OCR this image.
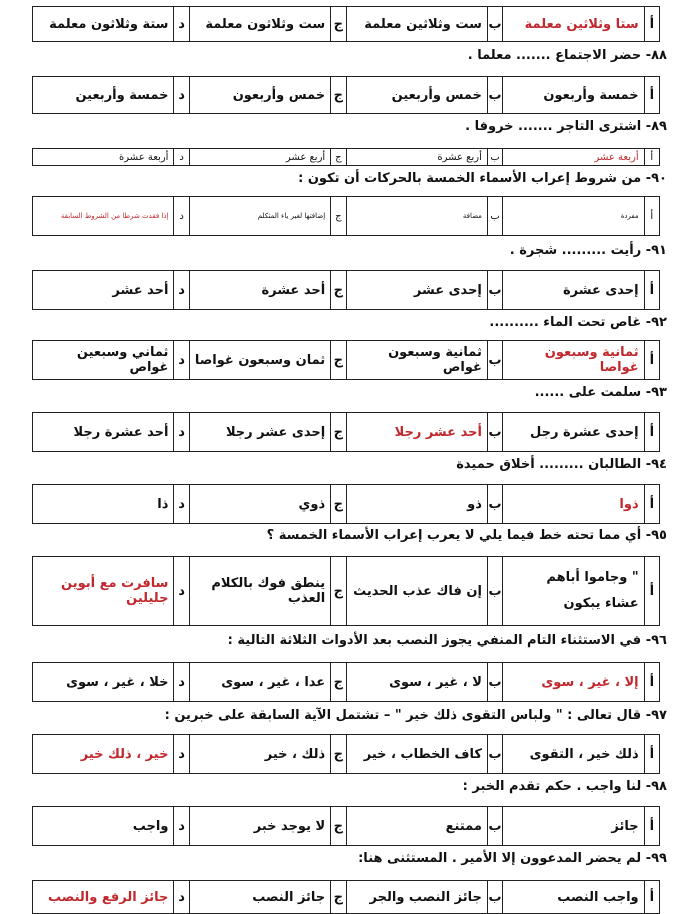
أ	ستا وثلاثين معلمة	ب	ست وثلاثين معلمة	ج	ست وثلاثون معلمة	د	ستة وثلاثون معلمة
٨٨- حضر الاجتماع ....... معلما .
أ	خمسة وأربعون	ب	خمس وأربعين	ج	خمس وأربعون	د	خمسة وأربعين
٨٩- اشترى التاجر ....... خروفا .
أ	أربعة عشر	ب	أربع عشرة	ج	أربع عشر	د	أربعة عشرة
٩٠- من شروط إعراب الأسماء الخمسة بالحركات أن تكون :
أ	مفردة	ب	مضافة	ج	إضافتها لغير ياء المتكلم	د	إذا فقدت شرطا من الشروط السابقة
٩١- رأيت ......... شجرة .
أ	إحدى عشرة	ب	إحدى عشر	ج	أحد عشرة	د	أحد عشر
٩٢- غاص تحت الماء ..........
أ	ثمانية وسبعون غواصا	ب	ثمانية وسبعون غواص	ج	ثمان وسبعون غواصا	د	ثماني وسبعين غواص
٩٣- سلمت على ......
أ	إحدى عشرة رجل	ب	أحد عشر رجلا	ج	إحدى عشر رجلا	د	أحد عشرة رجلا
٩٤- الطالبان ......... أخلاق حميدة
أ	ذوا	ب	ذو	ج	ذوي	د	ذا
٩٥- أي مما تحته خط فيما يلي لا يعرب إعراب الأسماء الخمسة ؟
أ	" وجاموا أباهم عشاء يبكون	ب	إن فاك عذب الحديث	ج	ينطق فوك بالكلام العذب	د	سافرت مع أبوين جليلين
٩٦- في الاستثناء التام المنفي يجوز النصب بعد الأدوات الثلاثة التالية :
أ	إلا ، غير ، سوى	ب	لا ، غير ، سوى	ج	عدا ، غير ، سوى	د	خلا ، غير ، سوى
٩٧- قال تعالى : " ولباس التقوى ذلك خير " – تشتمل الآية السابقة على خبرين :
أ	ذلك خير ، التقوى	ب	كاف الخطاب ، خير	ج	ذلك ، خير	د	خير ، ذلك خير
٩٨- لنا واجب . حكم تقدم الخبر :
أ	جائز	ب	ممتنع	ج	لا يوجد خبر	د	واجب
٩٩- لم يحضر المدعوون إلا الأمير . المستثنى هنا:
أ	واجب النصب	ب	جائز النصب والجر	ج	جائز النصب	د	جائز الرفع والنصب
